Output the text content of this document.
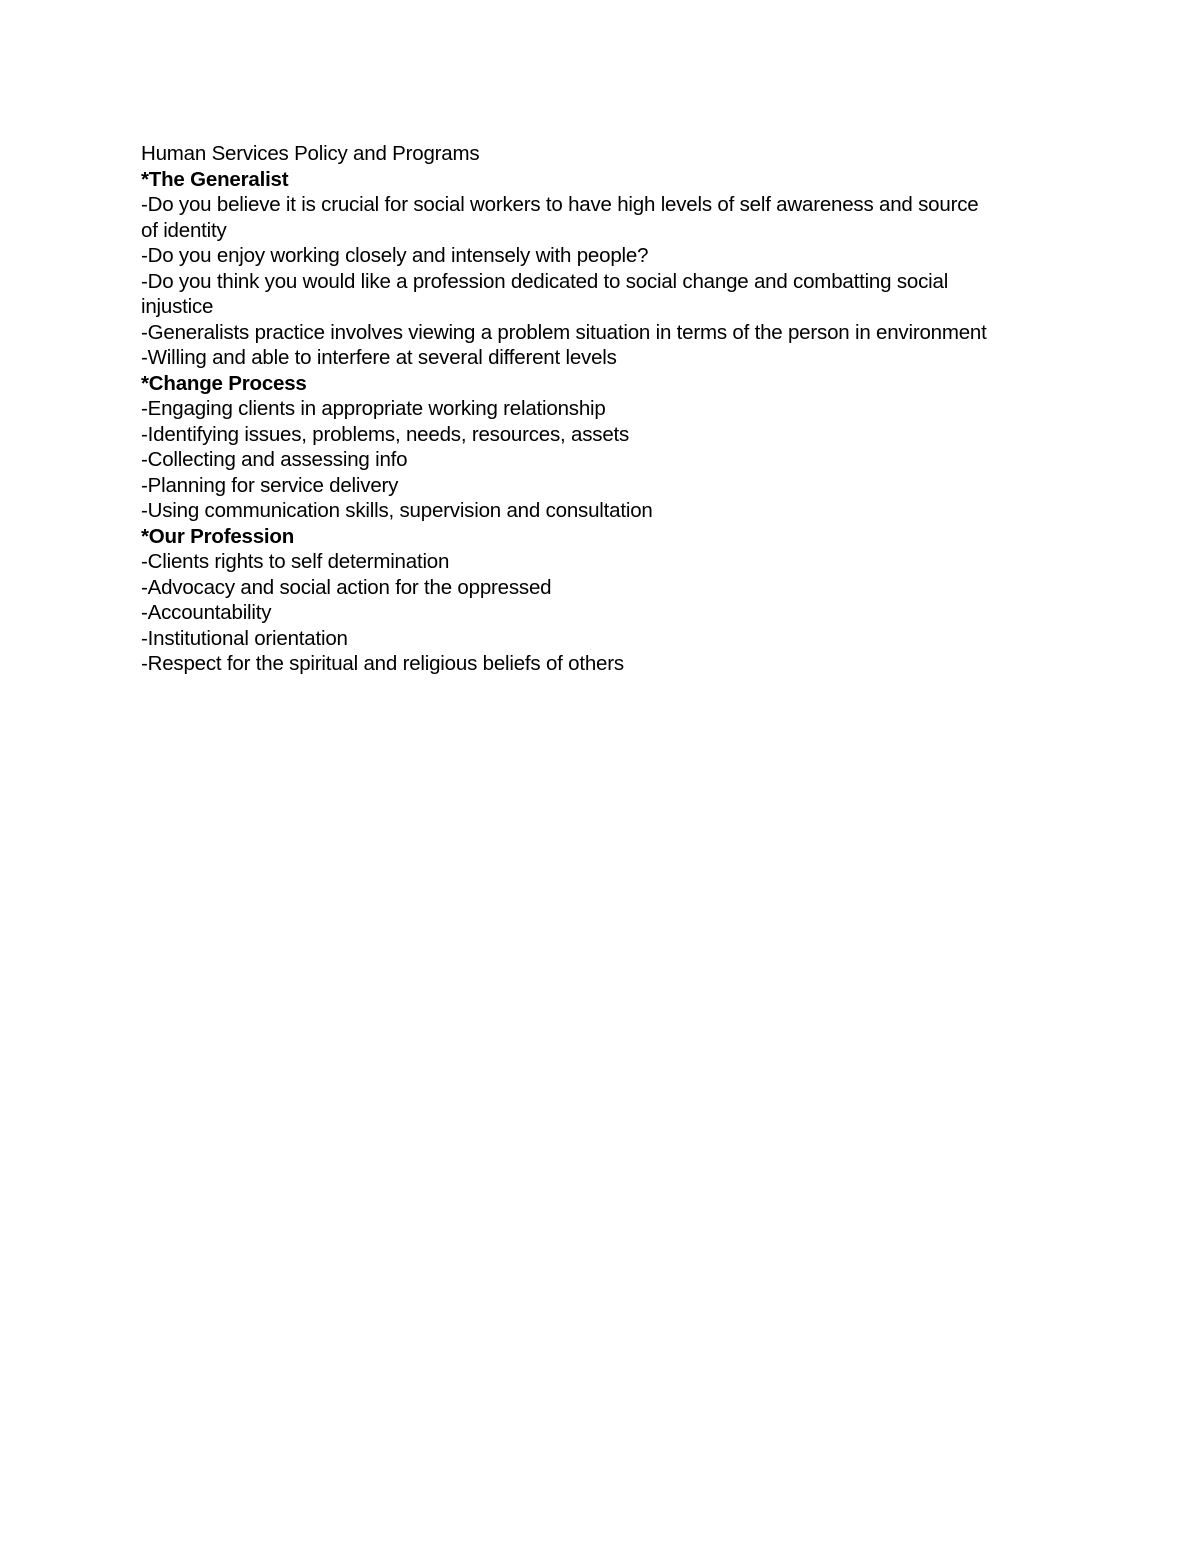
Human Services Policy and Programs
*The Generalist
-Do you believe it is crucial for social workers to have high levels of self awareness and source
of identity
-Do you enjoy working closely and intensely with people?
-Do you think you would like a profession dedicated to social change and combatting social
injustice
-Generalists practice involves viewing a problem situation in terms of the person in environment
-Willing and able to interfere at several different levels
*Change Process
-Engaging clients in appropriate working relationship
-Identifying issues, problems, needs, resources, assets
-Collecting and assessing info
-Planning for service delivery
-Using communication skills, supervision and consultation
*Our Profession
-Clients rights to self determination
-Advocacy and social action for the oppressed
-Accountability
-Institutional orientation
-Respect for the spiritual and religious beliefs of others
